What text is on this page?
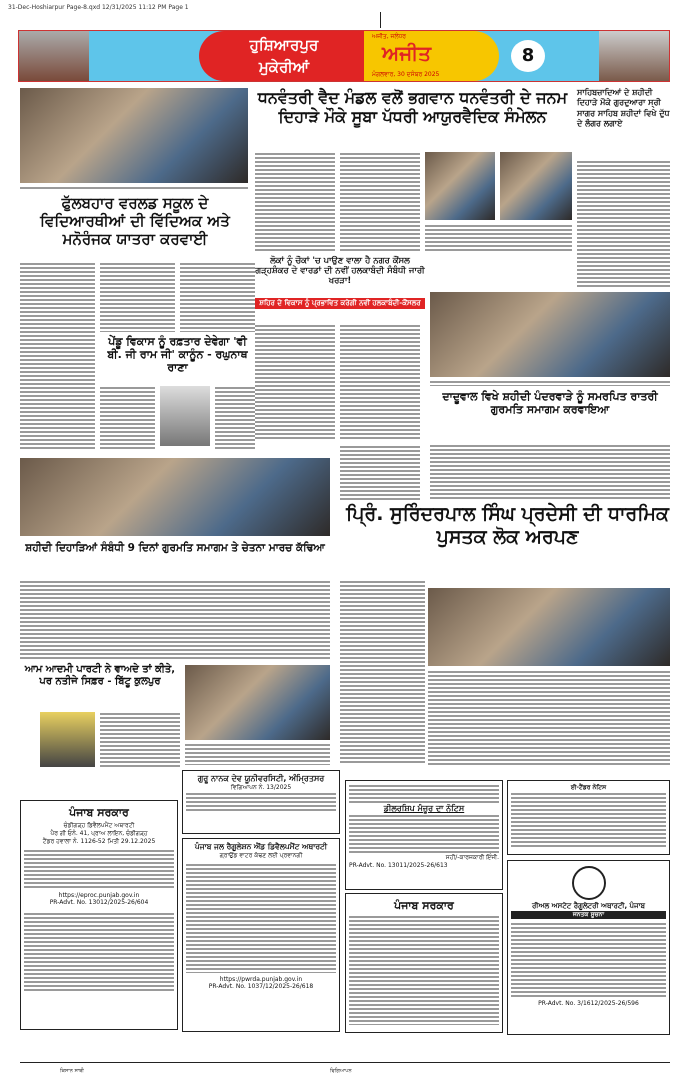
31-Dec-Hoshiarpur Page-8.qxd 12/31/2025 11:12 PM Page 1
ਹੁਸ਼ਿਆਰਪੁਰ
ਮੁਕੇਰੀਆਂ
ਅਜੀਤ, ਜਲੰਧਰ
ਅਜੀਤ
ਮੰਗਲਵਾਰ, 30 ਦਸੰਬਰ 2025
8
ਫੁੱਲਬਹਾਰ ਵਰਲਡ ਸਕੂਲ ਦੇ ਵਿਦਿਆਰਥੀਆਂ ਦੀ ਵਿੱਦਿਅਕ ਅਤੇ ਮਨੋਰੰਜਕ ਯਾਤਰਾ ਕਰਵਾਈ
ਪੇਂਡੂ ਵਿਕਾਸ ਨੂੰ ਰਫ਼ਤਾਰ ਦੇਵੇਗਾ 'ਵੀ ਬੀ. ਜੀ ਰਾਮ ਜੀ' ਕਾਨੂੰਨ - ਰਘੁਨਾਥ ਰਾਣਾ
ਸ਼ਹੀਦੀ ਦਿਹਾੜਿਆਂ ਸੰਬੰਧੀ 9 ਦਿਨਾਂ ਗੁਰਮਤਿ ਸਮਾਗਮ ਤੇ ਚੇਤਨਾ ਮਾਰਚ ਕੱਢਿਆ
ਆਮ ਆਦਮੀ ਪਾਰਟੀ ਨੇ ਵਾਅਦੇ ਤਾਂ ਕੀਤੇ, ਪਰ ਨਤੀਜੇ ਸਿਫ਼ਰ - ਬਿੱਟੂ ਕੁਲਪੁਰ
ਧਨਵੰਤਰੀ ਵੈਦ ਮੰਡਲ ਵਲੋਂ ਭਗਵਾਨ ਧਨਵੰਤਰੀ ਦੇ ਜਨਮ ਦਿਹਾੜੇ ਮੌਕੇ ਸੂਬਾ ਪੱਧਰੀ ਆਯੁਰਵੈਦਿਕ ਸੰਮੇਲਨ
ਸਾਹਿਬਜ਼ਾਦਿਆਂ ਦੇ ਸ਼ਹੀਦੀ ਦਿਹਾੜੇ ਮੌਕੇ ਗੁਰਦੁਆਰਾ ਸ੍ਰੀ ਸਾਗਰ ਸਾਹਿਬ ਸ਼ਹੀਦਾਂ ਵਿਖੇ ਦੁੱਧ ਦੇ ਲੰਗਰ ਲਗਾਏ
ਲੋਕਾਂ ਨੂੰ ਚੌਕਾਂ 'ਚ ਪਾਉਣ ਵਾਲਾ ਹੈ ਨਗਰ ਕੌਂਸਲ ਗੜ੍ਹਸ਼ੰਕਰ ਦੇ ਵਾਰਡਾਂ ਦੀ ਨਵੀਂ ਹਲਕਾਬੰਦੀ ਸੰਬੰਧੀ ਜਾਰੀ ਖਰੜਾ!
ਸ਼ਹਿਰ ਦੇ ਵਿਕਾਸ ਨੂੰ ਪ੍ਰਭਾਵਿਤ ਕਰੇਗੀ ਨਵੀਂ ਹਲਕਾਬੰਦੀ-ਕੌਂਸਲਰ
ਦਾਦੂਵਾਲ ਵਿਖੇ ਸ਼ਹੀਦੀ ਪੰਦਰਵਾੜੇ ਨੂੰ ਸਮਰਪਿਤ ਰਾਤਰੀ ਗੁਰਮਤਿ ਸਮਾਗਮ ਕਰਵਾਇਆ
ਪ੍ਰਿੰ. ਸੁਰਿੰਦਰਪਾਲ ਸਿੰਘ ਪ੍ਰਦੇਸੀ ਦੀ ਧਾਰਮਿਕ ਪੁਸਤਕ ਲੋਕ ਅਰਪਣ
ਪੰਜਾਬ ਸਰਕਾਰ
ਚੰਡੀਗੜ੍ਹ ਡਿਵੈਲਪਮੈਂਟ ਅਥਾਰਟੀ
ਪੈਰ ਗੀ ਓਨੰ. 41, ਪ੍ਰਾਅ ਲਾਇਨ, ਚੰਡੀਗੜ੍ਹ
ਟੈਂਡਰ ਹਵਾਲਾ ਨੰ. 1126-52 ਮਿਤੀ 29.12.2025
https://eproc.punjab.gov.in
PR-Advt. No. 13012/2025-26/604
ਗੁਰੂ ਨਾਨਕ ਦੇਵ ਯੂਨੀਵਰਸਿਟੀ, ਅੰਮ੍ਰਿਤਸਰ
ਵਿਗਿਆਪਨ ਨੰ. 13/2025
ਪੰਜਾਬ ਜਲ ਰੈਗੂਲੇਸ਼ਨ ਐਂਡ ਡਿਵੈਲਪਮੈਂਟ ਅਥਾਰਟੀ
ਗ੍ਰਾਉਂਡ ਵਾਟਰ ਕੱਢਣ ਲਈ ਪ੍ਰਵਾਨਗੀ
https://pwrda.punjab.gov.in
PR-Advt. No. 1037/12/2025-26/618
ਡੀਲਰਸ਼ਿਪ ਮੰਜ਼ੂਰ ਦਾ ਨੋਟਿਸ
ਸਹੀ/-ਕਾਰਜਕਾਰੀ ਇੰਜੀ.
PR-Advt. No. 13011/2025-26/613
ਪੰਜਾਬ ਸਰਕਾਰ
ਈ-ਟੈਂਡਰ ਨੋਟਿਸ
ਰੀਅਲ ਅਸਟੇਟ ਰੈਗੂਲੇਟਰੀ ਅਥਾਰਟੀ, ਪੰਜਾਬ
ਜਨਤਕ ਸੂਚਨਾ
PR-Advt. No. 3/1612/2025-26/596
ਕਿਸਾਨ ਸਾਥੀ	ਵਿਗਿਆਪਨ
